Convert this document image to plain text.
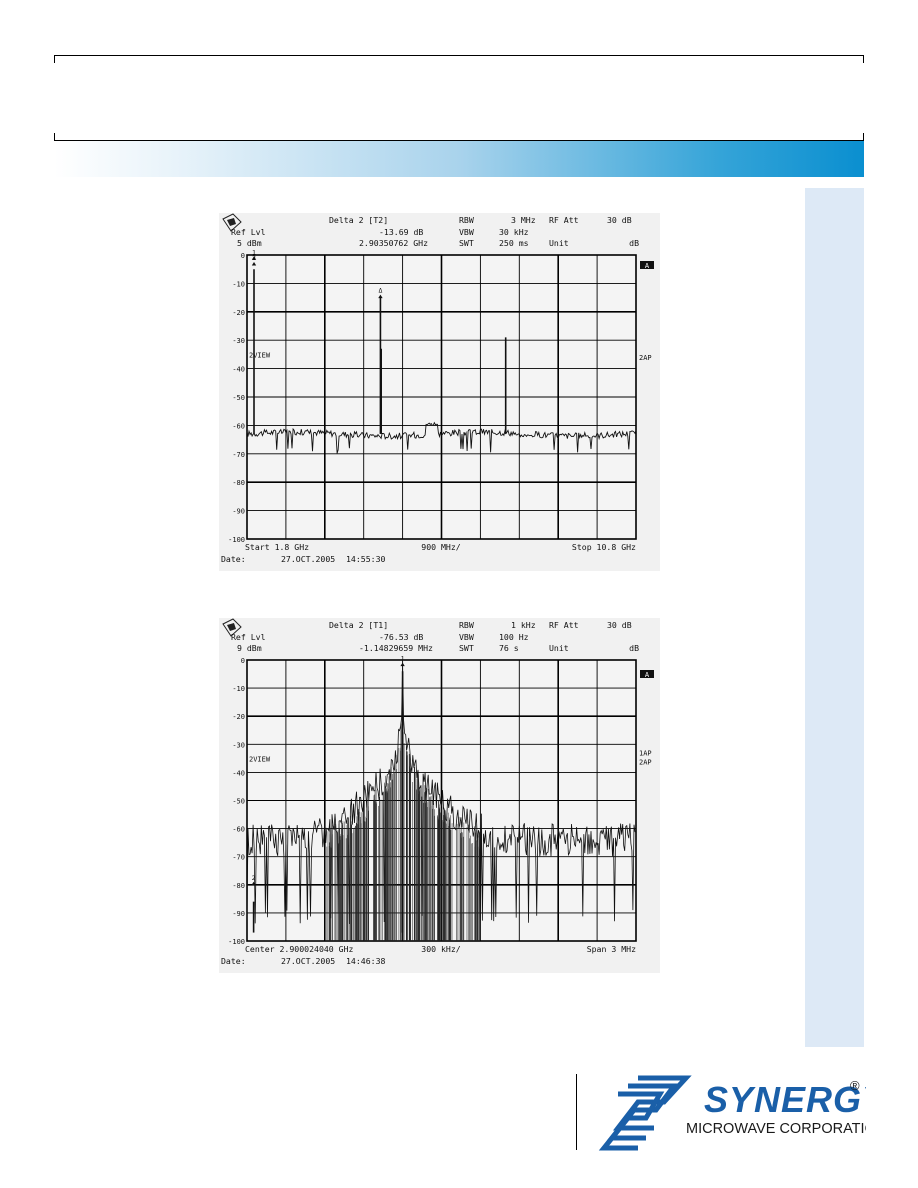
Delta 2 [T2]	RBW	3 MHz RF Att	30 dB
Ref Lvl	-13.69 dB	VBW	30 kHz
5 dBm	2.90350762 GHz	SWT	250 ms Unit	dB
0
-10
-20
-30
-40
-50
-60
-70
-80
-90
-100
2VIEW	2AP
A
1
2
Δ
Start 1.8 GHz	900 MHz/	Stop 10.8 GHz
Date:	27.OCT.2005 14:55:30
Delta 2 [T1]	RBW	1 kHz RF Att	30 dB
Ref Lvl	-76.53 dB	VBW	100 Hz
9 dBm	-1.14829659 MHz	SWT	76 s	Unit	dB
0
-10
-20
-30
-40
-50
-60
-70
-80
-90
-100
2VIEW
1AP
2AP
A
1
2
Center 2.900024040 GHz	300 kHz/	Span 3 MHz
Date:	27.OCT.2005 14:46:38
SYNERG
®
MICROWAVE CORPORATI
